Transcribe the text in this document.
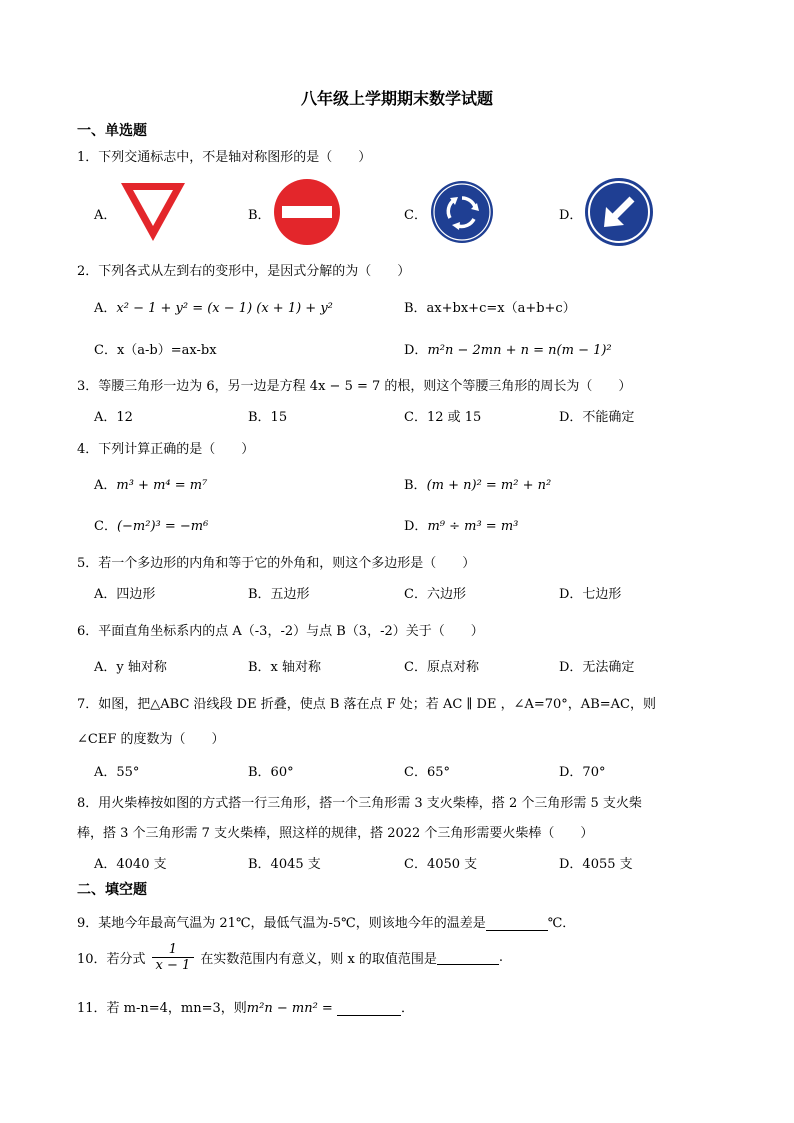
八年级上学期期末数学试题
一、单选题
1．下列交通标志中，不是轴对称图形的是（　　）
A．	B．	C．	D．
2．下列各式从左到右的变形中，是因式分解的为（　　）
A．x² − 1 + y² = (x − 1) (x + 1) + y²	B．ax+bx+c=x（a+b+c）
C．x（a-b）=ax-bx	D．m²n − 2mn + n = n(m − 1)²
3．等腰三角形一边为 6，另一边是方程 4x − 5 = 7 的根，则这个等腰三角形的周长为（　　）
A．12	B．15	C．12 或 15	D．不能确定
4．下列计算正确的是（　　）
A．m³ + m⁴ = m⁷	B．(m + n)² = m² + n²
C．(−m²)³ = −m⁶	D．m⁹ ÷ m³ = m³
5．若一个多边形的内角和等于它的外角和，则这个多边形是（　　）
A．四边形	B．五边形	C．六边形	D．七边形
6．平面直角坐标系内的点 A（-3，-2）与点 B（3，-2）关于（　　）
A．y 轴对称	B．x 轴对称	C．原点对称	D．无法确定
7．如图，把△ABC 沿线段 DE 折叠，使点 B 落在点 F 处；若 AC ∥ DE ，∠A=70°，AB=AC，则
∠CEF 的度数为（　　）
A．55°	B．60°	C．65°	D．70°
8．用火柴棒按如图的方式搭一行三角形，搭一个三角形需 3 支火柴棒，搭 2 个三角形需 5 支火柴
棒，搭 3 个三角形需 7 支火柴棒，照这样的规律，搭 2022 个三角形需要火柴棒（　　）
A．4040 支	B．4045 支	C．4050 支	D．4055 支
二、填空题
9．某地今年最高气温为 21℃，最低气温为-5℃，则该地今年的温差是	℃．
10．若分式 $\frac{1}{x - 1}$ 在实数范围内有意义，则 x 的取值范围是	.
11．若 m-n=4，mn=3，则m²n − mn² =	．
